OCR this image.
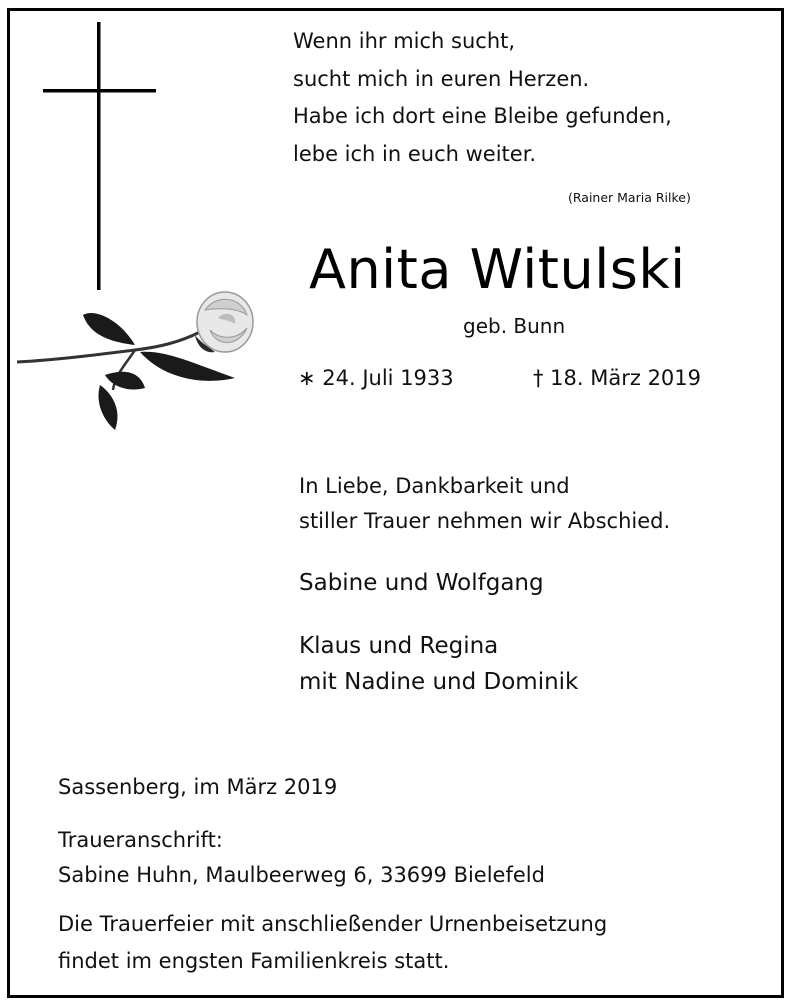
Wenn ihr mich sucht,
sucht mich in euren Herzen.
Habe ich dort eine Bleibe gefunden,
lebe ich in euch weiter.
(Rainer Maria Rilke)
Anita Witulski
geb. Bunn
∗ 24. Juli 1933	† 18. März 2019
In Liebe, Dankbarkeit und
stiller Trauer nehmen wir Abschied.
Sabine und Wolfgang
Klaus und Regina
mit Nadine und Dominik
Sassenberg, im März 2019
Traueranschrift:
Sabine Huhn, Maulbeerweg 6, 33699 Bielefeld
Die Trauerfeier mit anschließender Urnenbeisetzung
findet im engsten Familienkreis statt.
